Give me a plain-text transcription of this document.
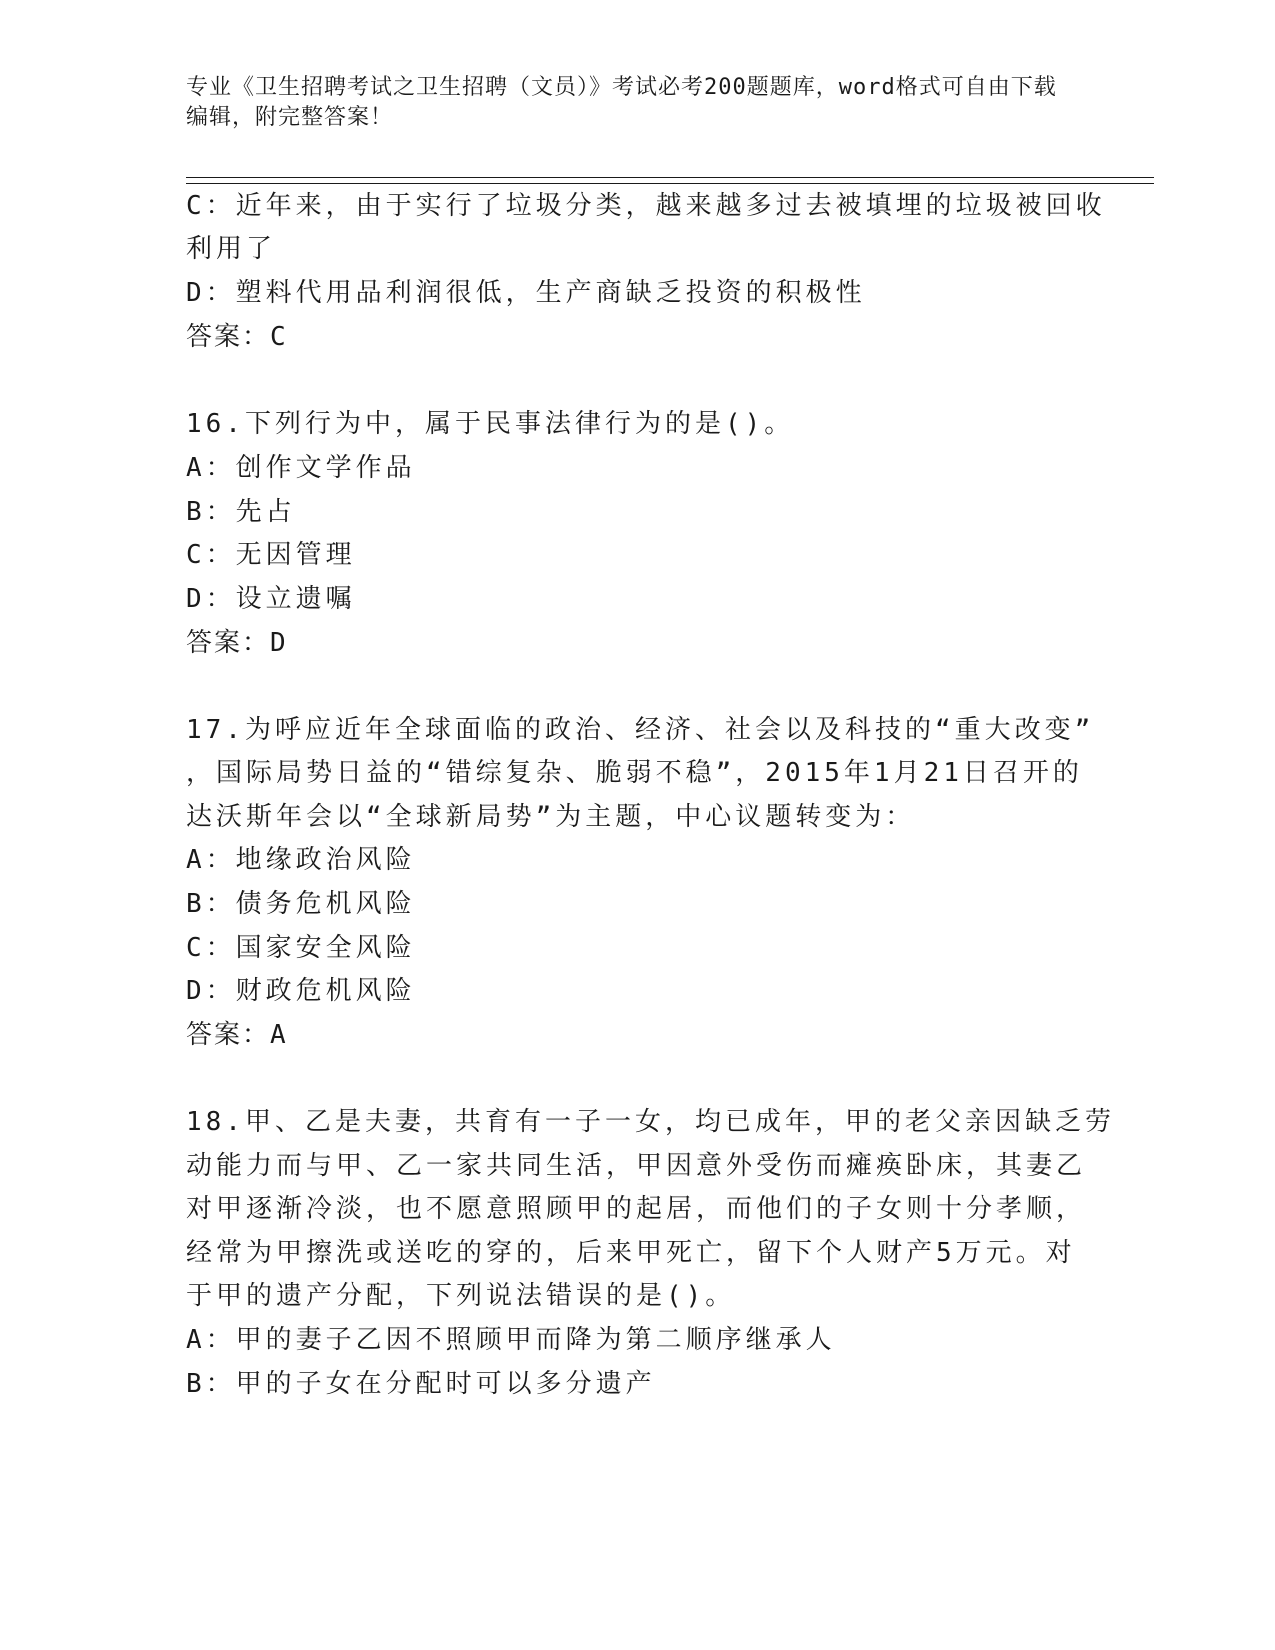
专业《卫生招聘考试之卫生招聘（文员）》考试必考200题题库，word格式可自由下载编辑，附完整答案！
C：近年来，由于实行了垃圾分类，越来越多过去被填埋的垃圾被回收
利用了
D：塑料代用品利润很低，生产商缺乏投资的积极性
答案：C
16.下列行为中，属于民事法律行为的是()。
A：创作文学作品
B：先占
C：无因管理
D：设立遗嘱
答案：D
17.为呼应近年全球面临的政治、经济、社会以及科技的“重大改变”
，国际局势日益的“错综复杂、脆弱不稳”，2015年1月21日召开的
达沃斯年会以“全球新局势”为主题，中心议题转变为：
A：地缘政治风险
B：债务危机风险
C：国家安全风险
D：财政危机风险
答案：A
18.甲、乙是夫妻，共育有一子一女，均已成年，甲的老父亲因缺乏劳
动能力而与甲、乙一家共同生活，甲因意外受伤而瘫痪卧床，其妻乙
对甲逐渐冷淡，也不愿意照顾甲的起居，而他们的子女则十分孝顺，
经常为甲擦洗或送吃的穿的，后来甲死亡，留下个人财产5万元。对
于甲的遗产分配，下列说法错误的是()。
A：甲的妻子乙因不照顾甲而降为第二顺序继承人
B：甲的子女在分配时可以多分遗产
